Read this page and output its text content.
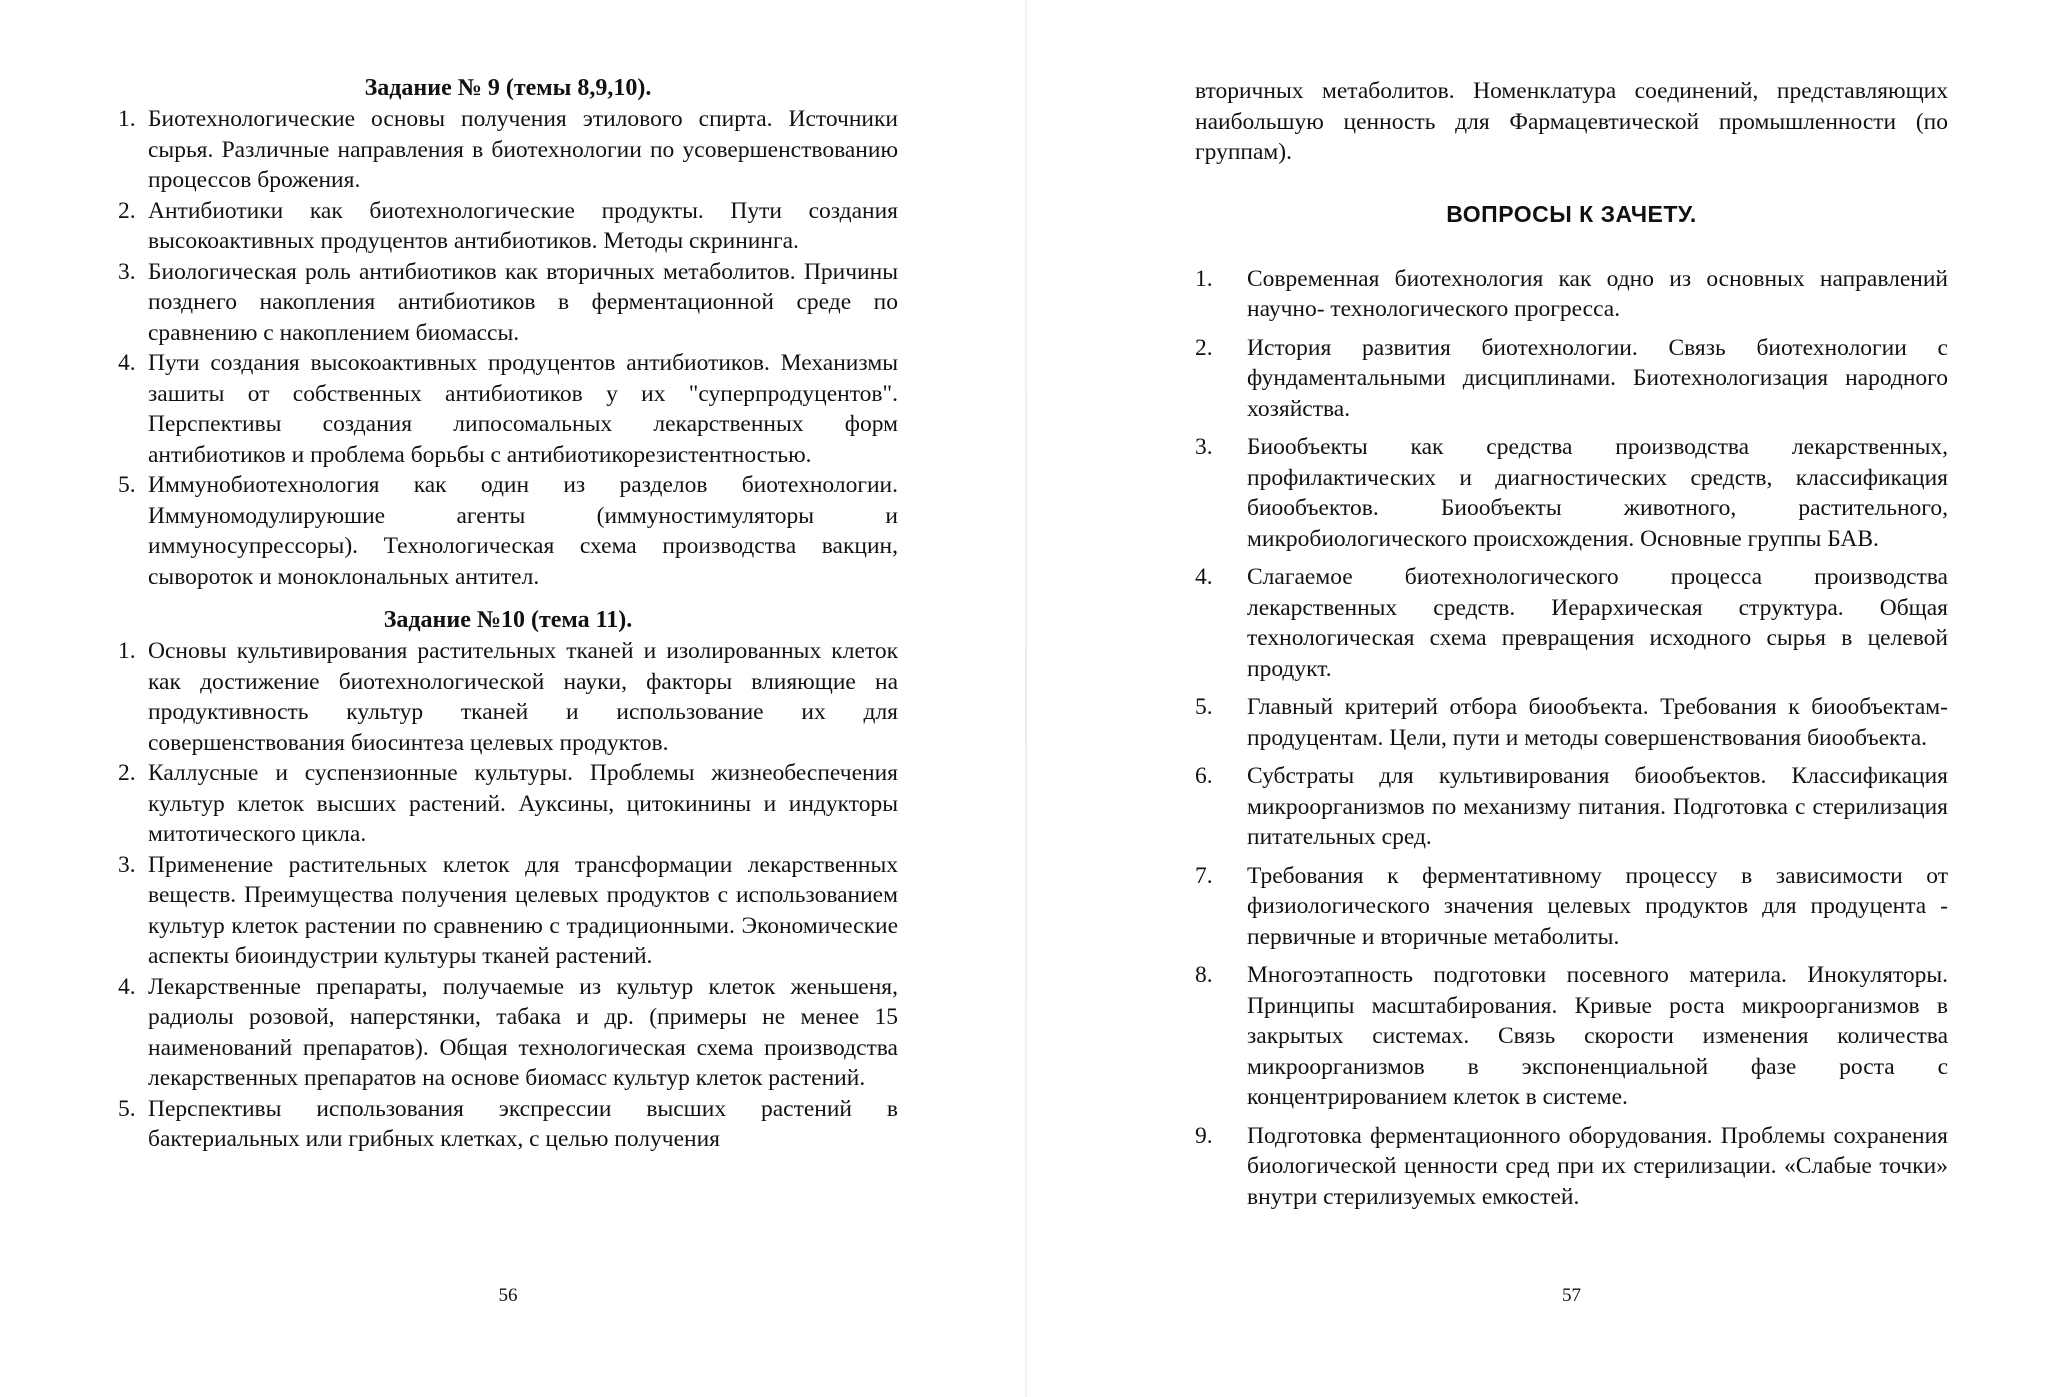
Задание № 9 (темы 8,9,10).
1. Биотехнологические основы получения этилового спирта. Источники сырья. Различные направления в биотехнологии по усовершенствованию процессов брожения.
2. Антибиотики как биотехнологические продукты. Пути создания высокоактивных продуцентов антибиотиков. Методы скрининга.
3. Биологическая роль антибиотиков как вторичных метаболитов. Причины позднего накопления антибиотиков в ферментационной среде по сравнению с накоплением биомассы.
4. Пути создания высокоактивных продуцентов антибиотиков. Механизмы зашиты от собственных антибиотиков у их "суперпродуцентов". Перспективы создания липосомальных лекарственных форм антибиотиков и проблема борьбы с антибиотикорезистентностью.
5. Иммунобиотехнология как один из разделов биотехнологии. Иммуномодулируюшие агенты (иммуностимуляторы и иммуносупрессоры). Технологическая схема производства вакцин, сывороток и моноклональных антител.
Задание №10 (тема 11).
1. Основы культивирования растительных тканей и изолированных клеток как достижение биотехнологической науки, факторы влияющие на продуктивность культур тканей и использование их для совершенствования биосинтеза целевых продуктов.
2. Каллусные и суспензионные культуры. Проблемы жизнеобеспечения культур клеток высших растений. Ауксины, цитокинины и индукторы митотического цикла.
3. Применение растительных клеток для трансформации лекарственных веществ. Преимущества получения целевых продуктов с использованием культур клеток растении по сравнению с традиционными. Экономические аспекты биоиндустрии культуры тканей растений.
4. Лекарственные препараты, получаемые из культур клеток женьшеня, радиолы розовой, наперстянки, табака и др. (примеры не менее 15 наименований препаратов). Общая технологическая схема производства лекарственных препаратов на основе биомасс культур клеток растений.
5. Перспективы использования экспрессии высших растений в бактериальных или грибных клетках, с целью получения
56

вторичных метаболитов. Номенклатура соединений, представляющих наибольшую ценность для Фармацевтической промышленности (по группам).

ВОПРОСЫ К ЗАЧЕТУ.
1.	Современная биотехнология как одно из основных направлений научно- технологического прогресса.
2.	История развития биотехнологии. Связь биотехнологии с фундаментальными дисциплинами. Биотехнологизация народного хозяйства.
3.	Биообъекты как средства производства лекарственных, профилактических и диагностических средств, классификация биообъектов. Биообъекты животного, растительного, микробиологического происхождения. Основные группы БАВ.
4.	Слагаемое биотехнологического процесса производства лекарственных средств. Иерархическая структура. Общая технологическая схема превращения исходного сырья в целевой продукт.
5.	Главный критерий отбора биообъекта. Требования к биообъектам-продуцентам. Цели, пути и методы совершенствования биообъекта.
6.	Субстраты для культивирования биообъектов. Классификация микроорганизмов по механизму питания. Подготовка с стерилизация питательных сред.
7.	Требования к ферментативному процессу в зависимости от физиологического значения целевых продуктов для продуцента - первичные и вторичные метаболиты.
8.	Многоэтапность подготовки посевного материла. Инокуляторы. Принципы масштабирования. Кривые роста микроорганизмов в закрытых системах. Связь скорости изменения количества микроорганизмов в экспоненциальной фазе роста с концентрированием клеток в системе.
9.	Подготовка ферментационного оборудования. Проблемы сохранения биологической ценности сред при их стерилизации. «Слабые точки» внутри стерилизуемых емкостей.
57
